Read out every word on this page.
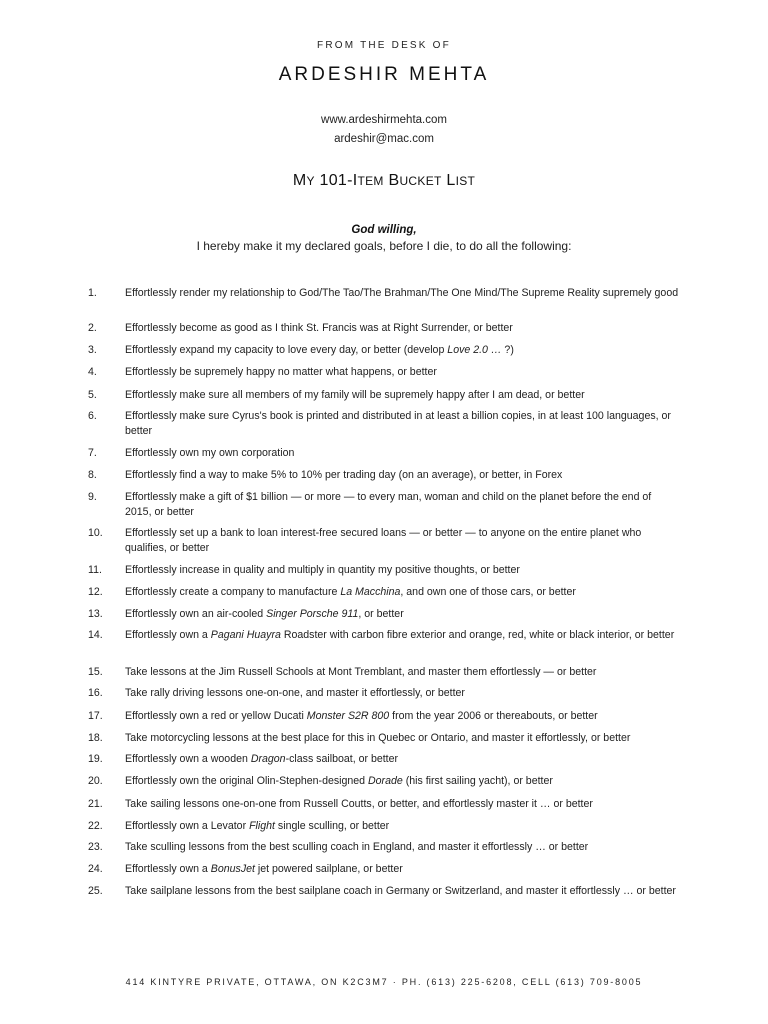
FROM THE DESK OF
ARDESHIR MEHTA
www.ardeshirmehta.com
ardeshir@mac.com
MY 101-ITEM BUCKET LIST
God willing,
I hereby make it my declared goals, before I die, to do all the following:
1.	Effortlessly render my relationship to God/The Tao/The Brahman/The One Mind/The Supreme Reality supremely good
2.	Effortlessly become as good as I think St. Francis was at Right Surrender, or better
3.	Effortlessly expand my capacity to love every day, or better (develop Love 2.0 … ?)
4.	Effortlessly be supremely happy no matter what happens, or better
5.	Effortlessly make sure all members of my family will be supremely happy after I am dead, or better
6.	Effortlessly make sure Cyrus's book is printed and distributed in at least a billion copies, in at least 100 languages, or better
7.	Effortlessly own my own corporation
8.	Effortlessly find a way to make 5% to 10% per trading day (on an average), or better, in Forex
9.	Effortlessly make a gift of $1 billion — or more — to every man, woman and child on the planet before the end of 2015, or better
10.	Effortlessly set up a bank to loan interest-free secured loans — or better — to anyone on the entire planet who qualifies, or better
11.	Effortlessly increase in quality and multiply in quantity my positive thoughts, or better
12.	Effortlessly create a company to manufacture La Macchina, and own one of those cars, or better
13.	Effortlessly own an air-cooled Singer Porsche 911, or better
14.	Effortlessly own a Pagani Huayra Roadster with carbon fibre exterior and orange, red, white or black interior, or better
15.	Take lessons at the Jim Russell Schools at Mont Tremblant, and master them effortlessly — or better
16.	Take rally driving lessons one-on-one, and master it effortlessly, or better
17.	Effortlessly own a red or yellow Ducati Monster S2R 800 from the year 2006 or thereabouts, or better
18.	Take motorcycling lessons at the best place for this in Quebec or Ontario, and master it effortlessly, or better
19.	Effortlessly own a wooden Dragon-class sailboat, or better
20.	Effortlessly own the original Olin-Stephen-designed Dorade (his first sailing yacht), or better
21.	Take sailing lessons one-on-one from Russell Coutts, or better, and effortlessly master it … or better
22.	Effortlessly own a Levator Flight single sculling, or better
23.	Take sculling lessons from the best sculling coach in England, and master it effortlessly … or better
24.	Effortlessly own a BonusJet jet powered sailplane, or better
25.	Take sailplane lessons from the best sailplane coach in Germany or Switzerland, and master it effortlessly … or better
414 KINTYRE PRIVATE, OTTAWA, ON K2C3M7 · PH. (613) 225-6208, CELL (613) 709-8005
